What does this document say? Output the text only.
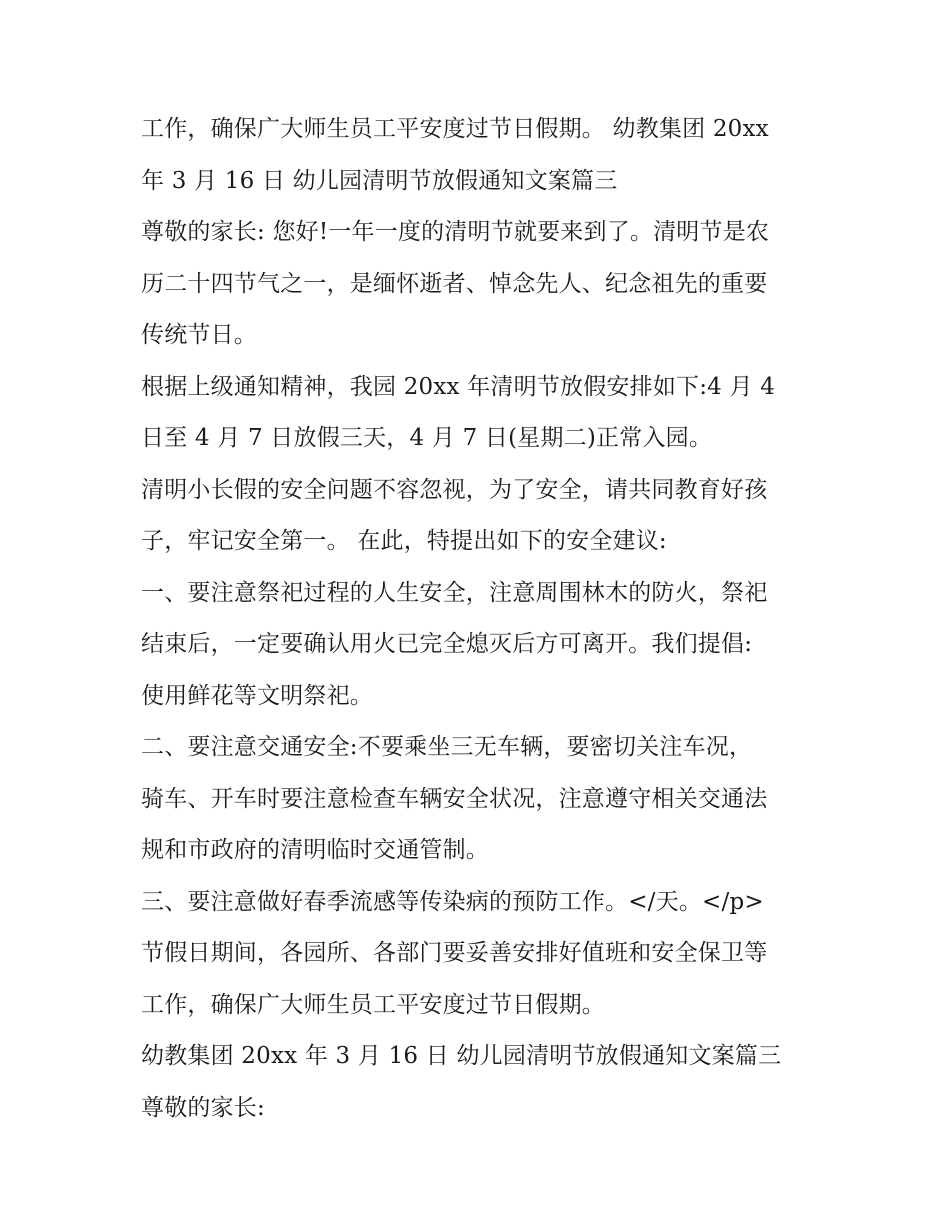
工作，确保广大师生员工平安度过节日假期。 幼教集团 20xx
年 3 月 16 日 幼儿园清明节放假通知文案篇三
尊敬的家长: 您好!一年一度的清明节就要来到了。清明节是农
历二十四节气之一，是缅怀逝者、悼念先人、纪念祖先的重要
传统节日。
根据上级通知精神，我园 20xx 年清明节放假安排如下:4 月 4
日至 4 月 7 日放假三天，4 月 7 日(星期二)正常入园。
清明小长假的安全问题不容忽视，为了安全，请共同教育好孩
子，牢记安全第一。 在此，特提出如下的安全建议:
一、要注意祭祀过程的人生安全，注意周围林木的防火，祭祀
结束后，一定要确认用火已完全熄灭后方可离开。我们提倡:
使用鲜花等文明祭祀。
二、要注意交通安全:不要乘坐三无车辆，要密切关注车况，
骑车、开车时要注意检查车辆安全状况，注意遵守相关交通法
规和市政府的清明临时交通管制。
三、要注意做好春季流感等传染病的预防工作。</天。</p>
节假日期间，各园所、各部门要妥善安排好值班和安全保卫等
工作，确保广大师生员工平安度过节日假期。
幼教集团 20xx 年 3 月 16 日 幼儿园清明节放假通知文案篇三
尊敬的家长:
